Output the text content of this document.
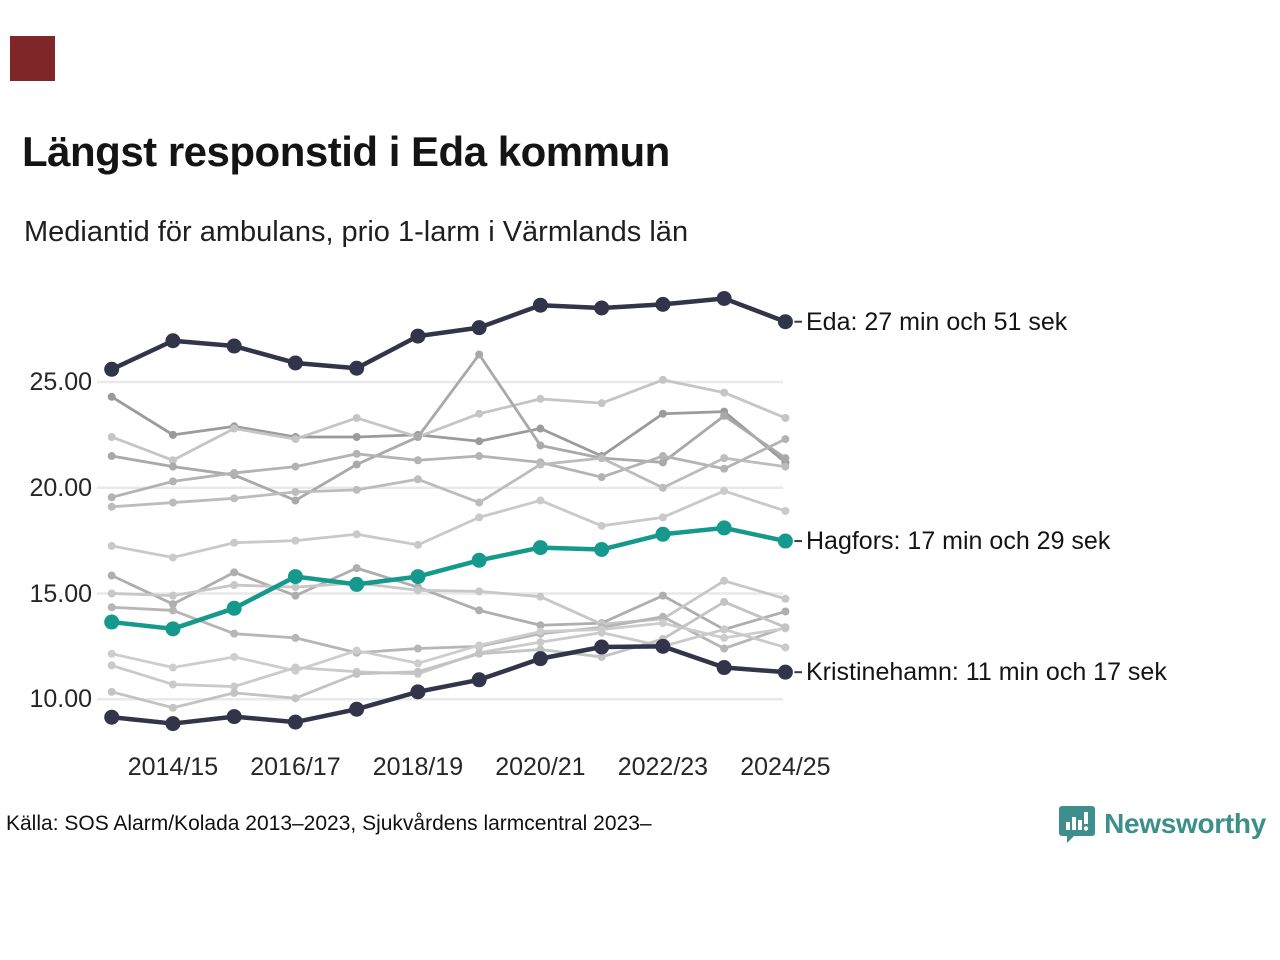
Längst responstid i Eda kommun

Mediantid för ambulans, prio 1-larm i Värmlands län

25.00
20.00
15.00
10.00
2014/15	2016/17	2018/19	2020/21	2022/23	2024/25
Eda: 27 min och 51 sek
Hagfors: 17 min och 29 sek
Kristinehamn: 11 min och 17 sek
Källa: SOS Alarm/Kolada 2013–2023, Sjukvårdens larmcentral 2023–	Newsworthy
